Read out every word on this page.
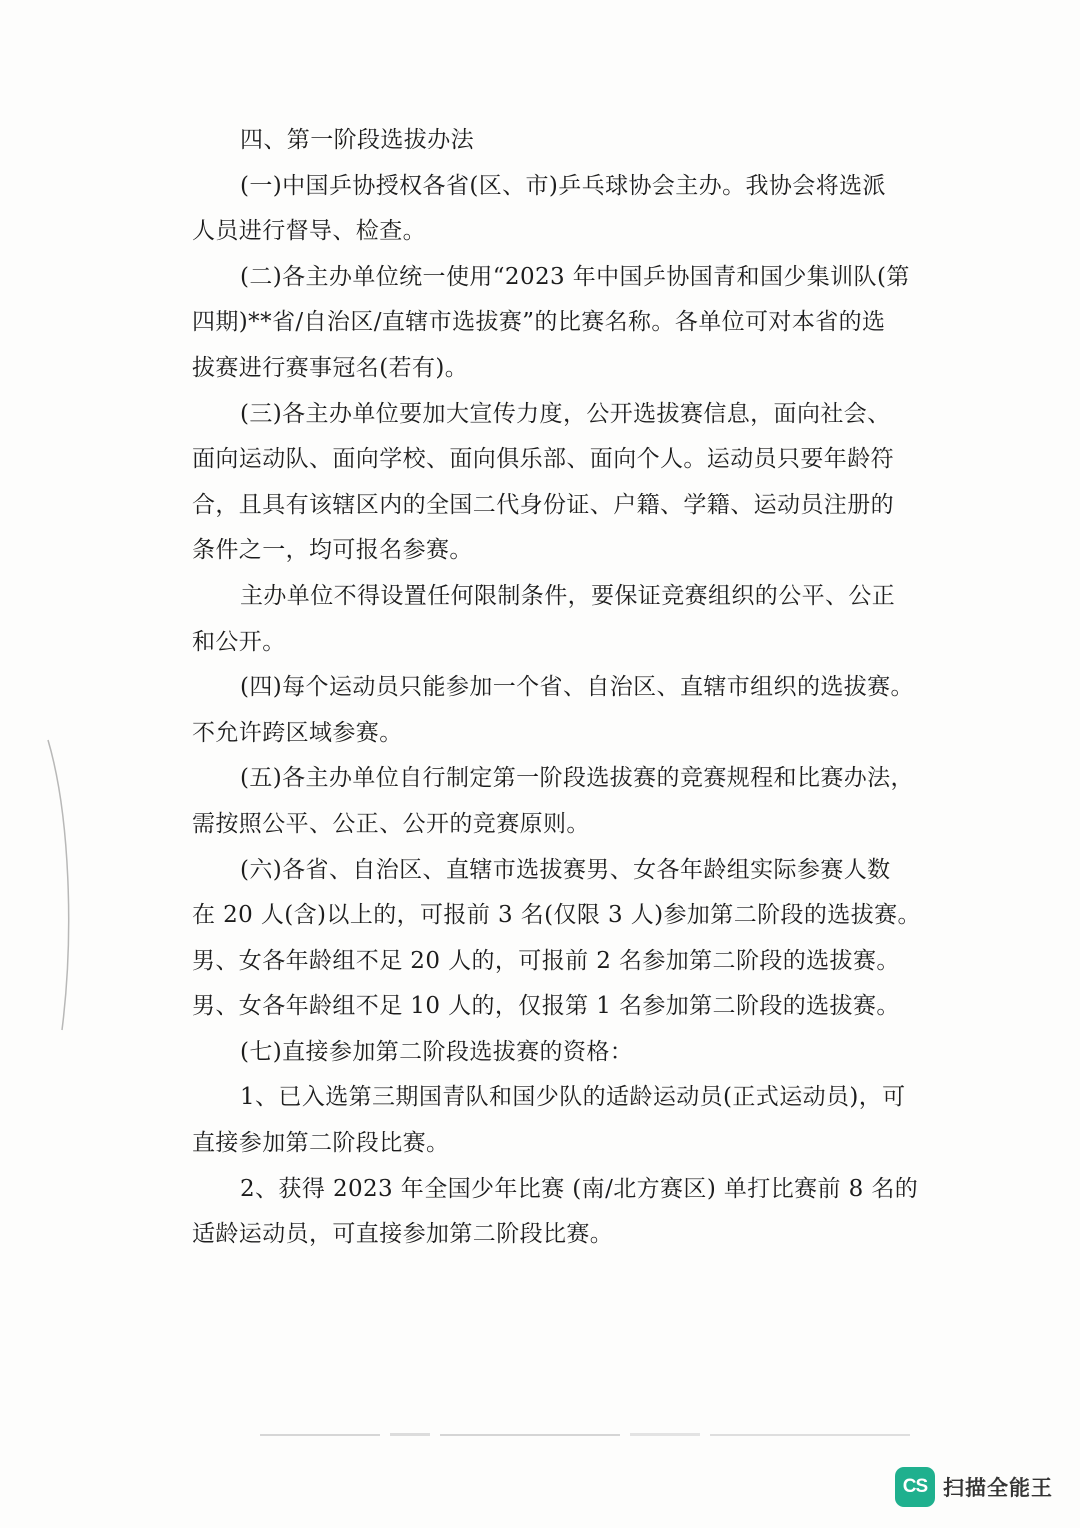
四、第一阶段选拔办法
(一)中国乒协授权各省(区、市)乒乓球协会主办。我协会将选派
人员进行督导、检查。
(二)各主办单位统一使用“2023 年中国乒协国青和国少集训队(第
四期)**省/自治区/直辖市选拔赛”的比赛名称。各单位可对本省的选
拔赛进行赛事冠名(若有)。
(三)各主办单位要加大宣传力度，公开选拔赛信息，面向社会、
面向运动队、面向学校、面向俱乐部、面向个人。运动员只要年龄符
合，且具有该辖区内的全国二代身份证、户籍、学籍、运动员注册的
条件之一，均可报名参赛。
主办单位不得设置任何限制条件，要保证竞赛组织的公平、公正
和公开。
(四)每个运动员只能参加一个省、自治区、直辖市组织的选拔赛。
不允许跨区域参赛。
(五)各主办单位自行制定第一阶段选拔赛的竞赛规程和比赛办法，
需按照公平、公正、公开的竞赛原则。
(六)各省、自治区、直辖市选拔赛男、女各年龄组实际参赛人数
在 20 人(含)以上的，可报前 3 名(仅限 3 人)参加第二阶段的选拔赛。
男、女各年龄组不足 20 人的，可报前 2 名参加第二阶段的选拔赛。
男、女各年龄组不足 10 人的，仅报第 1 名参加第二阶段的选拔赛。
(七)直接参加第二阶段选拔赛的资格：
1、已入选第三期国青队和国少队的适龄运动员(正式运动员)，可
直接参加第二阶段比赛。
2、获得 2023 年全国少年比赛 (南/北方赛区) 单打比赛前 8 名的
适龄运动员，可直接参加第二阶段比赛。
CS 扫描全能王
